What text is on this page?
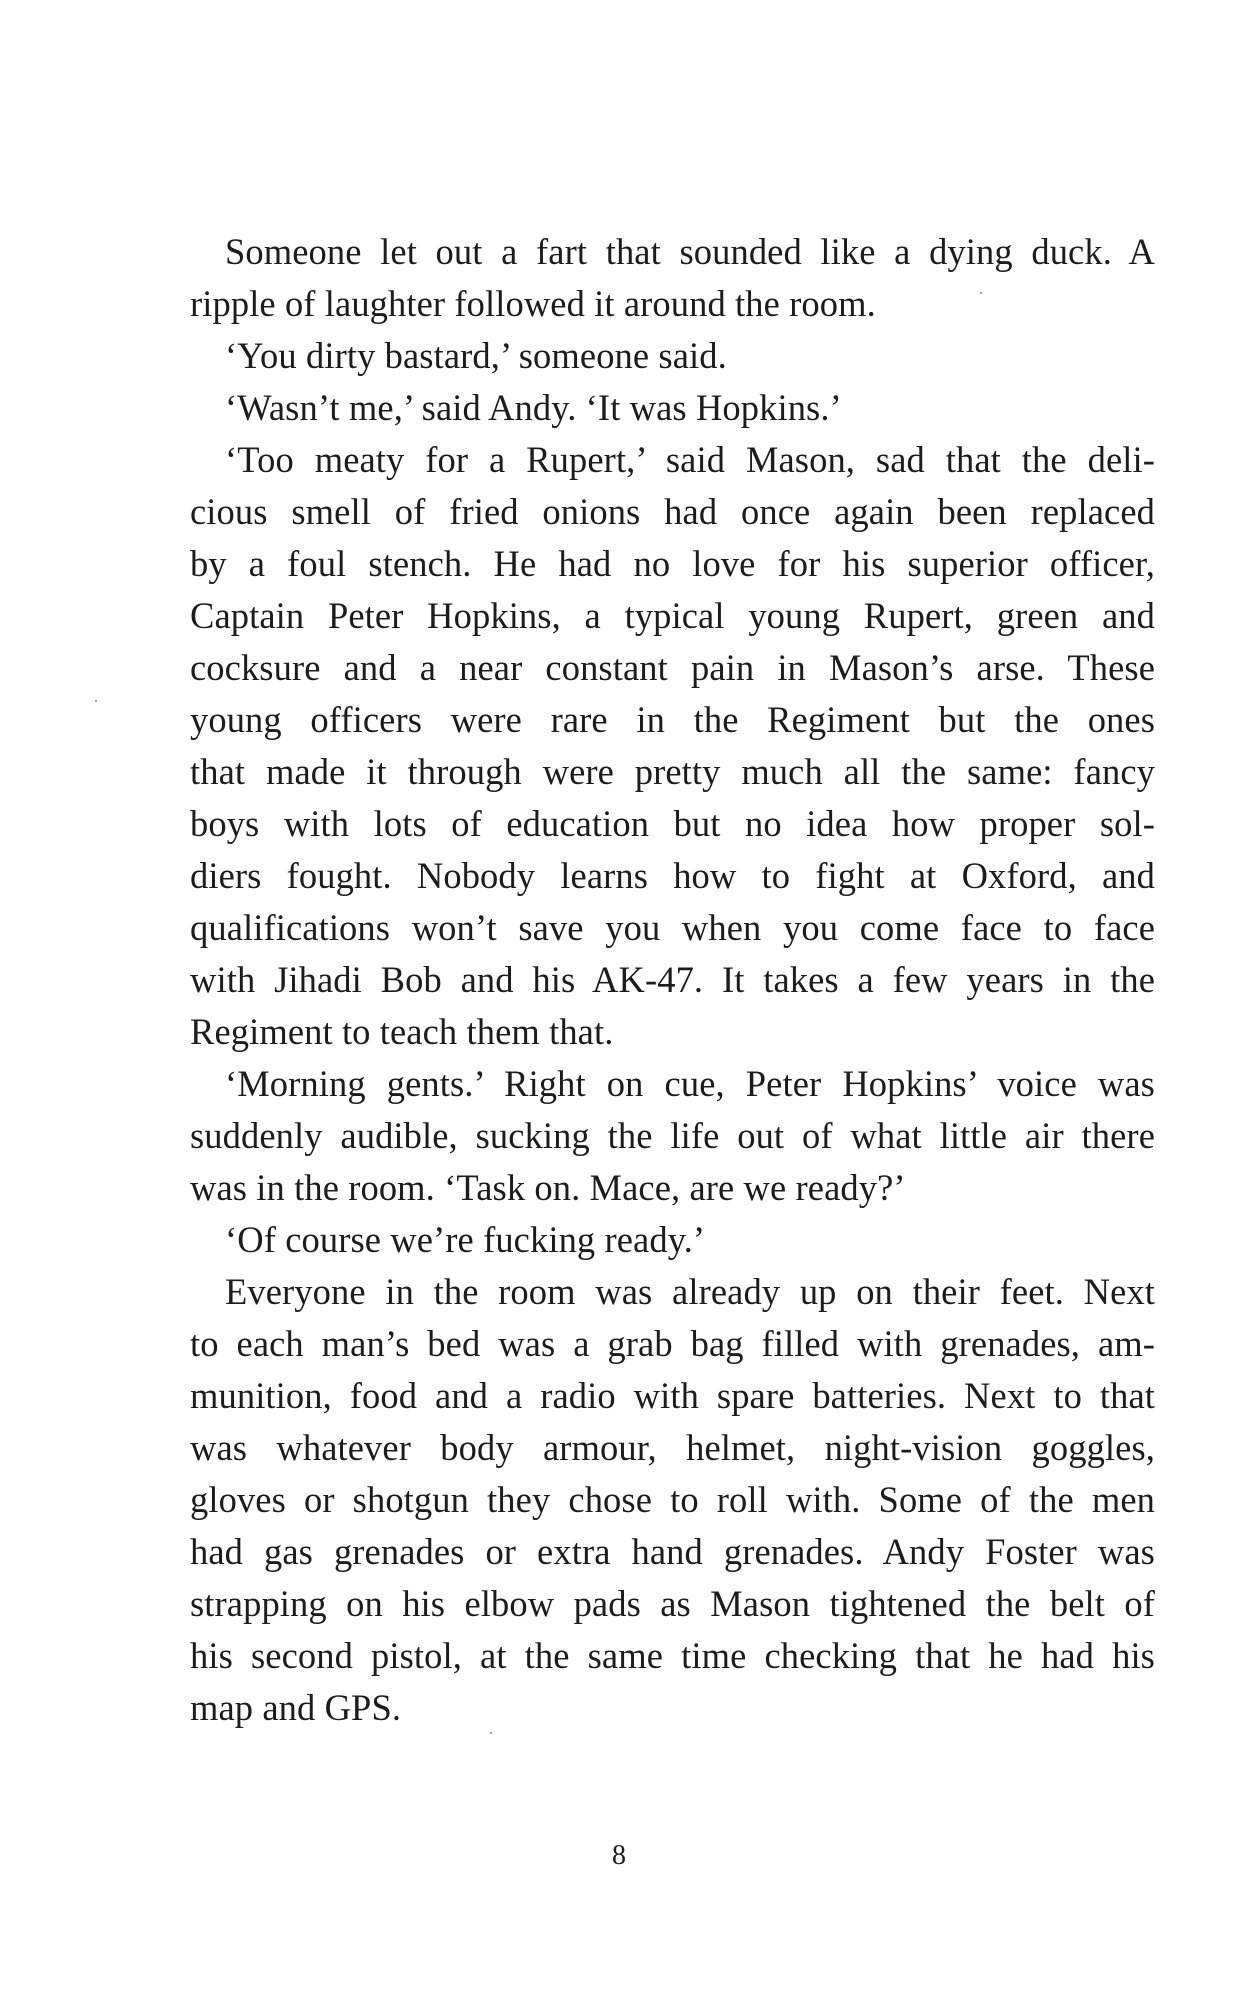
Someone let out a fart that sounded like a dying duck. A
ripple of laughter followed it around the room.
‘You dirty bastard,’ someone said.
‘Wasn’t me,’ said Andy. ‘It was Hopkins.’
‘Too meaty for a Rupert,’ said Mason, sad that the deli-
cious smell of fried onions had once again been replaced
by a foul stench. He had no love for his superior officer,
Captain Peter Hopkins, a typical young Rupert, green and
cocksure and a near constant pain in Mason’s arse. These
young officers were rare in the Regiment but the ones
that made it through were pretty much all the same: fancy
boys with lots of education but no idea how proper sol-
diers fought. Nobody learns how to fight at Oxford, and
qualifications won’t save you when you come face to face
with Jihadi Bob and his AK-47. It takes a few years in the
Regiment to teach them that.
‘Morning gents.’ Right on cue, Peter Hopkins’ voice was
suddenly audible, sucking the life out of what little air there
was in the room. ‘Task on. Mace, are we ready?’
‘Of course we’re fucking ready.’
Everyone in the room was already up on their feet. Next
to each man’s bed was a grab bag filled with grenades, am-
munition, food and a radio with spare batteries. Next to that
was whatever body armour, helmet, night-vision goggles,
gloves or shotgun they chose to roll with. Some of the men
had gas grenades or extra hand grenades. Andy Foster was
strapping on his elbow pads as Mason tightened the belt of
his second pistol, at the same time checking that he had his
map and GPS.
8
